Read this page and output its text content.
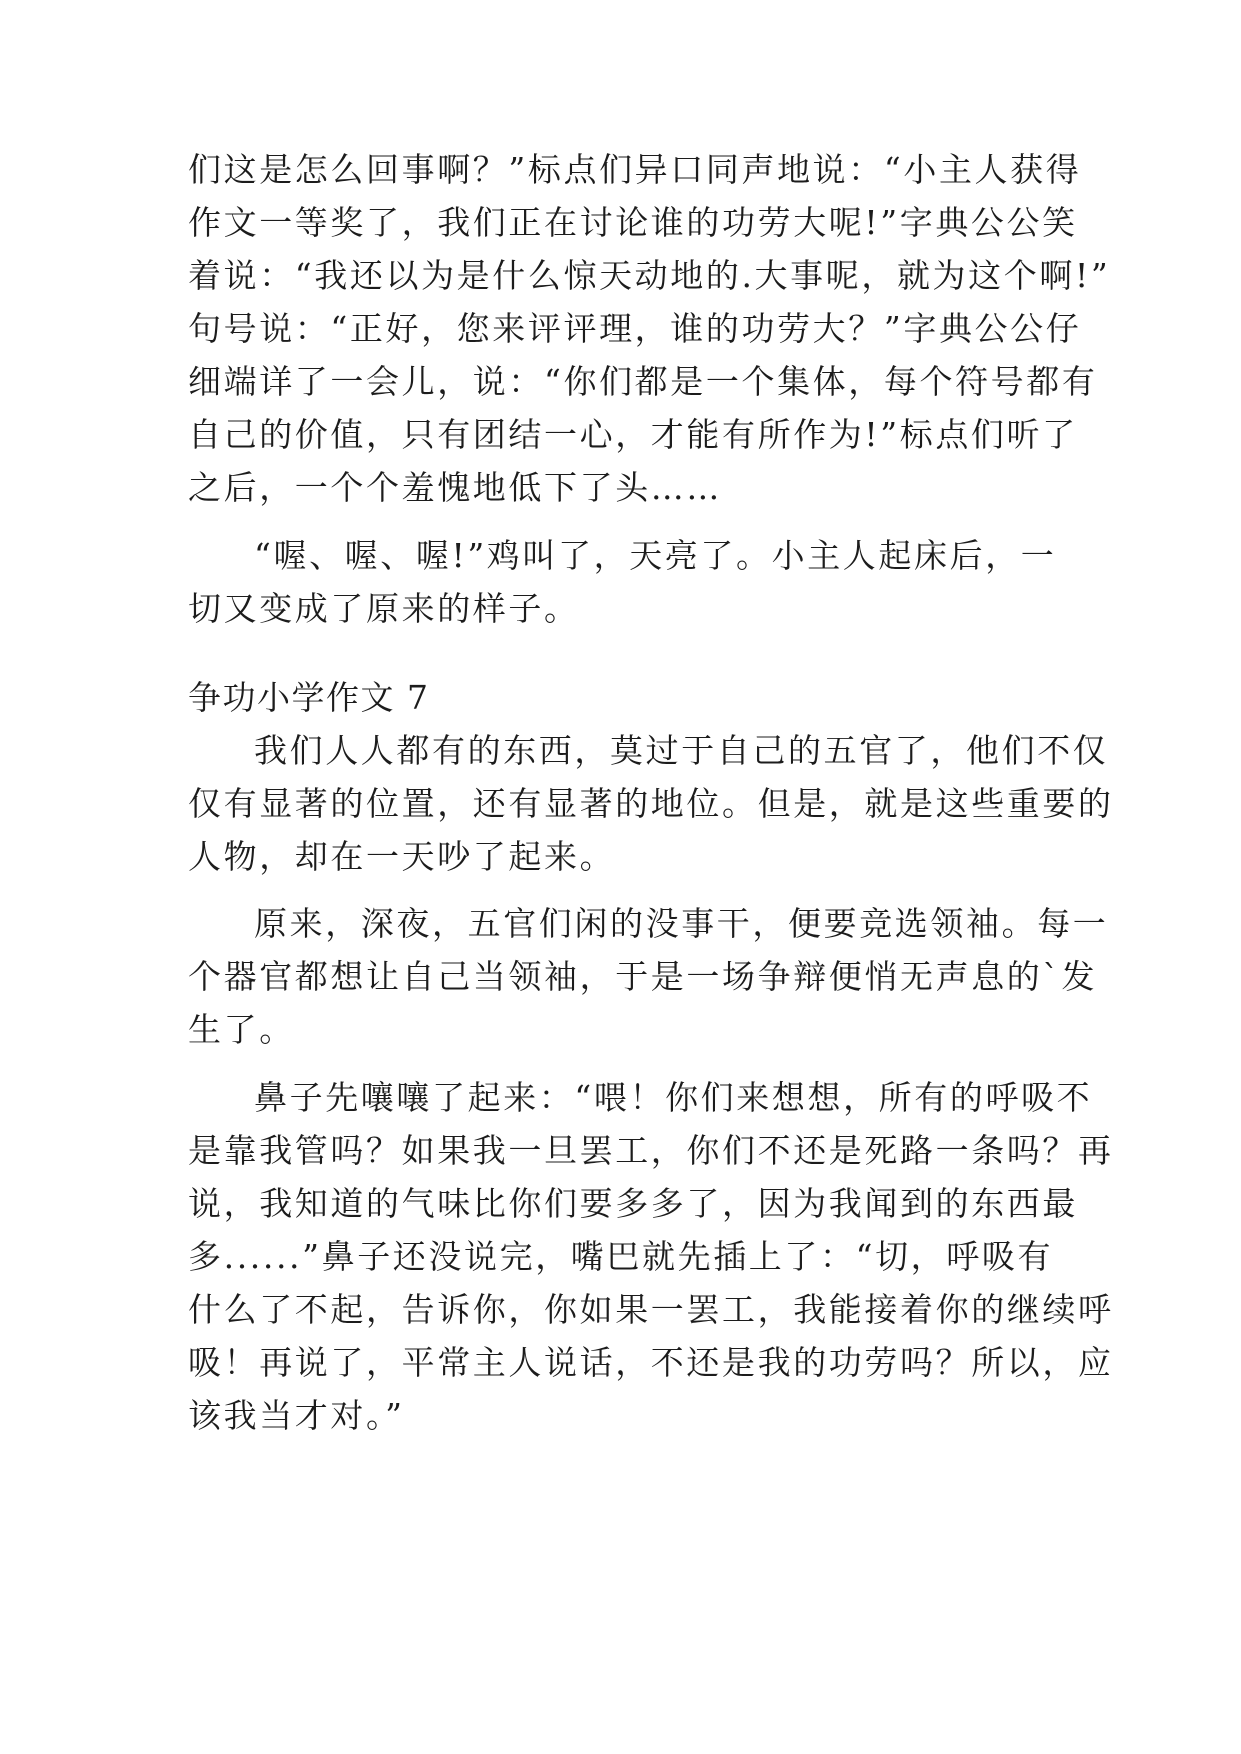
们这是怎么回事啊？”标点们异口同声地说：“小主人获得
作文一等奖了，我们正在讨论谁的功劳大呢!”字典公公笑
着说：“我还以为是什么惊天动地的.大事呢，就为这个啊!”
句号说：“正好，您来评评理，谁的功劳大？”字典公公仔
细端详了一会儿，说：“你们都是一个集体，每个符号都有
自己的价值，只有团结一心，才能有所作为!”标点们听了
之后，一个个羞愧地低下了头……
“喔、喔、喔!”鸡叫了，天亮了。小主人起床后，一
切又变成了原来的样子。
争功小学作文 7
我们人人都有的东西，莫过于自己的五官了，他们不仅
仅有显著的位置，还有显著的地位。但是，就是这些重要的
人物，却在一天吵了起来。
原来，深夜，五官们闲的没事干，便要竞选领袖。每一
个器官都想让自己当领袖，于是一场争辩便悄无声息的`发
生了。
鼻子先嚷嚷了起来：“喂！你们来想想，所有的呼吸不
是靠我管吗？如果我一旦罢工，你们不还是死路一条吗？再
说，我知道的气味比你们要多多了，因为我闻到的东西最
多......”鼻子还没说完，嘴巴就先插上了：“切，呼吸有
什么了不起，告诉你，你如果一罢工，我能接着你的继续呼
吸！再说了，平常主人说话，不还是我的功劳吗？所以，应
该我当才对。”
